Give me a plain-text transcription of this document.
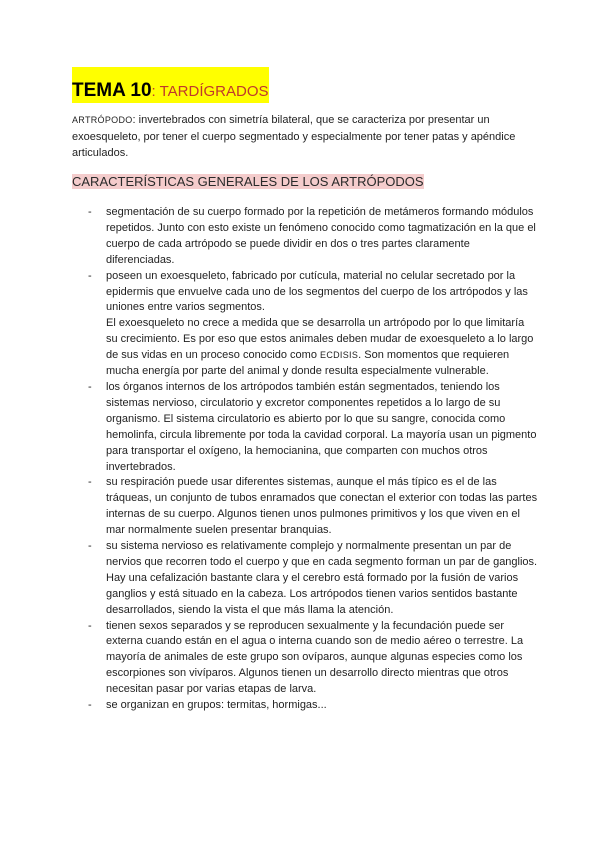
TEMA 10: TARDÍGRADOS

ARTRÓPODO: invertebrados con simetría bilateral, que se caracteriza por presentar un exoesqueleto, por tener el cuerpo segmentado y especialmente por tener patas y apéndice articulados.

CARACTERÍSTICAS GENERALES DE LOS ARTRÓPODOS
- segmentación de su cuerpo formado por la repetición de metámeros formando módulos repetidos. Junto con esto existe un fenómeno conocido como tagmatización en la que el cuerpo de cada artrópodo se puede dividir en dos o tres partes claramente diferenciadas.
- poseen un exoesqueleto, fabricado por cutícula, material no celular secretado por la epidermis que envuelve cada uno de los segmentos del cuerpo de los artrópodos y las uniones entre varios segmentos.
El exoesqueleto no crece a medida que se desarrolla un artrópodo por lo que limitaría su crecimiento. Es por eso que estos animales deben mudar de exoesqueleto a lo largo de sus vidas en un proceso conocido como ECDISIS. Son momentos que requieren mucha energía por parte del animal y donde resulta especialmente vulnerable.
- los órganos internos de los artrópodos también están segmentados, teniendo los sistemas nervioso, circulatorio y excretor componentes repetidos a lo largo de su organismo. El sistema circulatorio es abierto por lo que su sangre, conocida como hemolinfa, circula libremente por toda la cavidad corporal. La mayoría usan un pigmento para transportar el oxígeno, la hemocianina, que comparten con muchos otros invertebrados.
- su respiración puede usar diferentes sistemas, aunque el más típico es el de las tráqueas, un conjunto de tubos enramados que conectan el exterior con todas las partes internas de su cuerpo. Algunos tienen unos pulmones primitivos y los que viven en el mar normalmente suelen presentar branquias.
- su sistema nervioso es relativamente complejo y normalmente presentan un par de nervios que recorren todo el cuerpo y que en cada segmento forman un par de ganglios. Hay una cefalización bastante clara y el cerebro está formado por la fusión de varios ganglios y está situado en la cabeza. Los artrópodos tienen varios sentidos bastante desarrollados, siendo la vista el que más llama la atención.
- tienen sexos separados y se reproducen sexualmente y la fecundación puede ser externa cuando están en el agua o interna cuando son de medio aéreo o terrestre. La mayoría de animales de este grupo son ovíparos, aunque algunas especies como los escorpiones son vivíparos. Algunos tienen un desarrollo directo mientras que otros necesitan pasar por varias etapas de larva.
- se organizan en grupos: termitas, hormigas...
